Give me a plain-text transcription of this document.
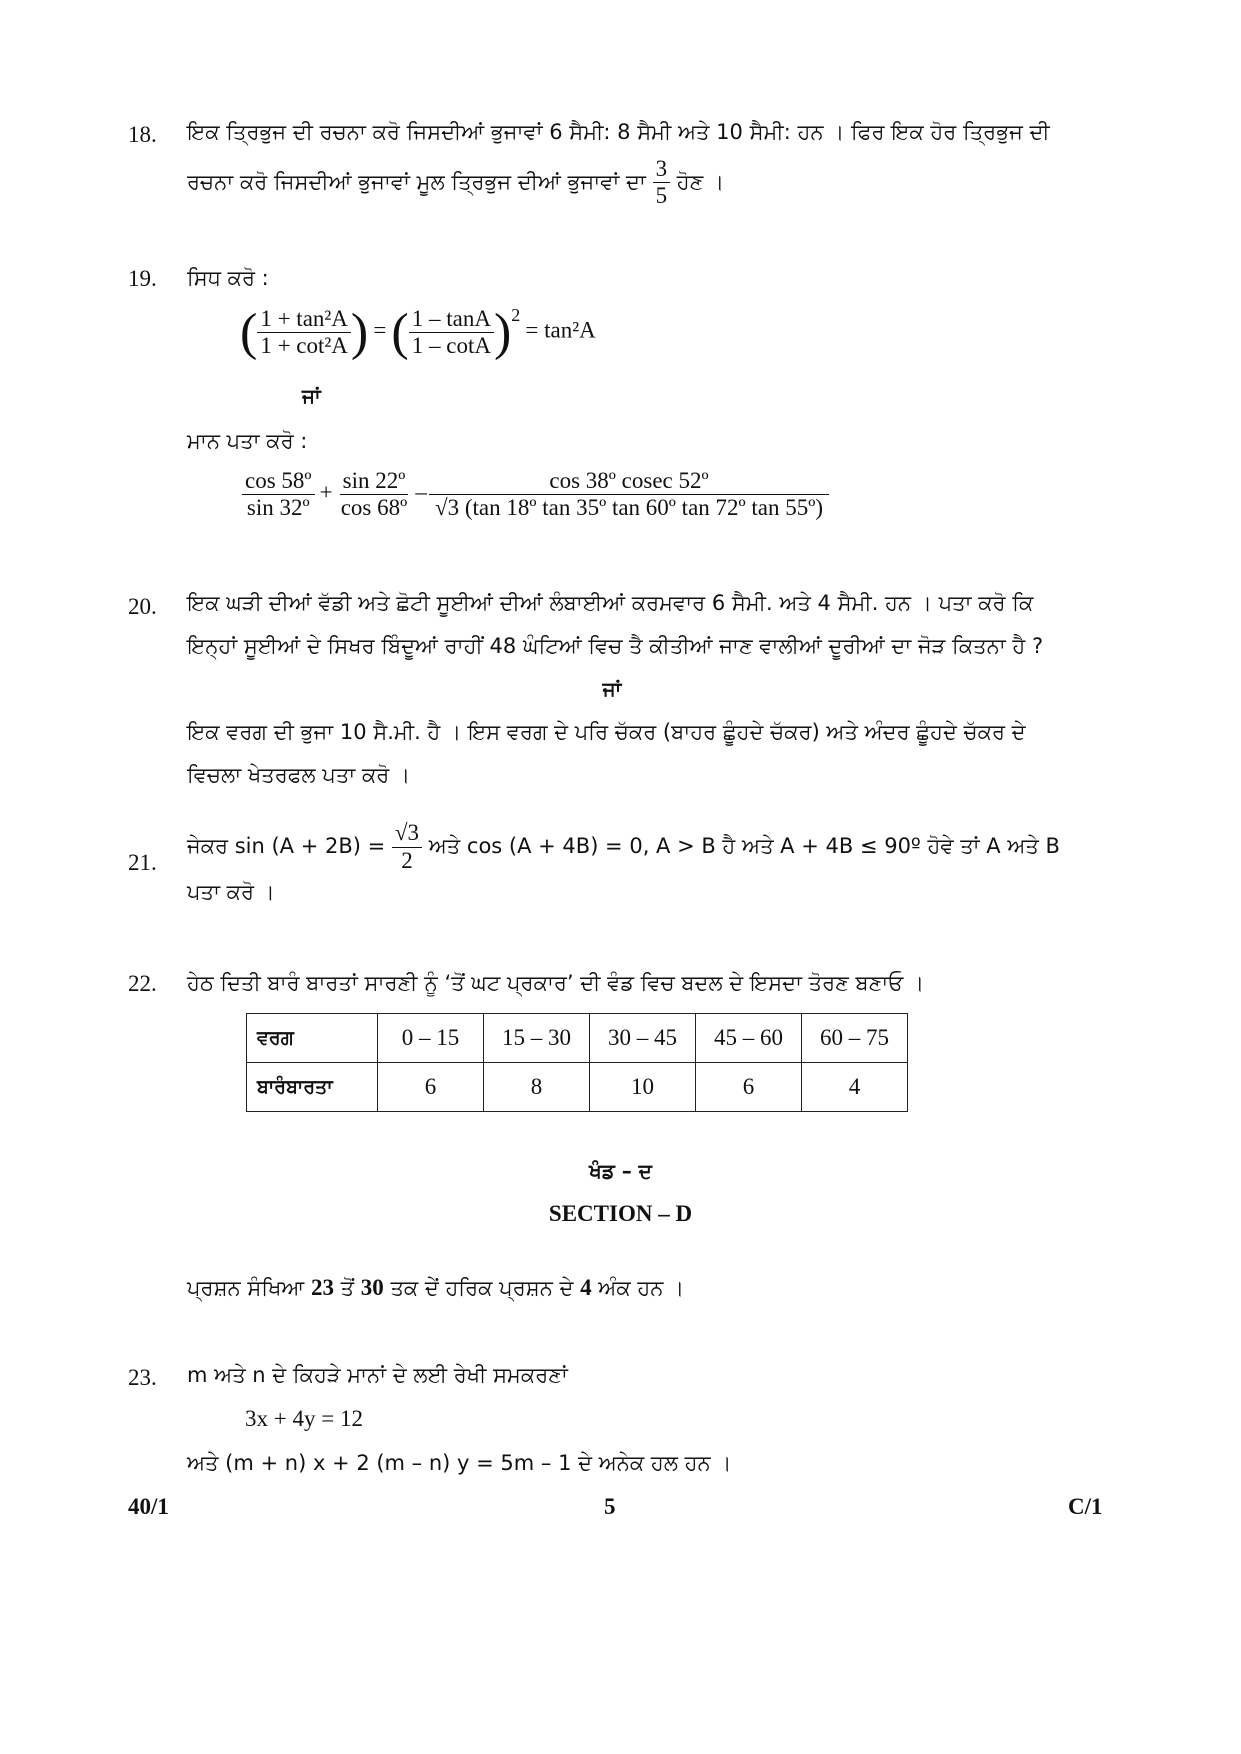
18. ਇਕ ਤ੍ਰਿਭੁਜ ਦੀ ਰਚਨਾ ਕਰੋ ਜਿਸਦੀਆਂ ਭੁਜਾਵਾਂ 6 ਸੈਮੀ: 8 ਸੈਮੀ ਅਤੇ 10 ਸੈਮੀ: ਹਨ । ਫਿਰ ਇਕ ਹੋਰ ਤ੍ਰਿਭੁਜ ਦੀ
ਰਚਨਾ ਕਰੋ ਜਿਸਦੀਆਂ ਭੁਜਾਵਾਂ ਮੂਲ ਤ੍ਰਿਭੁਜ ਦੀਆਂ ਭੁਜਾਵਾਂ ਦਾ $\frac{3}{5}$ ਹੋਣ ।
19. ਸਿਧ ਕਰੋ :
( $\frac{\text{1 + tan²A}}{\text{1 + cot²A}}$ ) = ( $\frac{1 - \tan A}{1 - \cot A} )^2 = \tan^2A$
ਜਾਂ
ਮਾਨ ਪਤਾ ਕਰੋ :
$\frac{\text{cos 58º}}{\text{sin 32º}} + \frac{\text{sin 22º}}{\text{cos 68º}} - \frac{\text{cos 38º cosec 52º}}{\text{√3 (tan 18º tan 35º tan 60º tan 72º tan 55º)}}$
20. ਇਕ ਘੜੀ ਦੀਆਂ ਵੱਡੀ ਅਤੇ ਛੋਟੀ ਸੂਈਆਂ ਦੀਆਂ ਲੰਬਾਈਆਂ ਕਰਮਵਾਰ 6 ਸੈਮੀ. ਅਤੇ 4 ਸੈਮੀ. ਹਨ । ਪਤਾ ਕਰੋ ਕਿ
ਇਨ੍ਹਾਂ ਸੂਈਆਂ ਦੇ ਸਿਖਰ ਬਿੰਦੂਆਂ ਰਾਹੀਂ 48 ਘੰਟਿਆਂ ਵਿਚ ਤੈ ਕੀਤੀਆਂ ਜਾਣ ਵਾਲੀਆਂ ਦੂਰੀਆਂ ਦਾ ਜੋੜ ਕਿਤਨਾ ਹੈ ?
ਜਾਂ
ਇਕ ਵਰਗ ਦੀ ਭੁਜਾ 10 ਸੈ.ਮੀ. ਹੈ । ਇਸ ਵਰਗ ਦੇ ਪਰਿ ਚੱਕਰ (ਬਾਹਰ ਛੂੰਹਦੇ ਚੱਕਰ) ਅਤੇ ਅੰਦਰ ਛੂੰਹਦੇ ਚੱਕਰ ਦੇ
ਵਿਚਲਾ ਖੇਤਰਫਲ ਪਤਾ ਕਰੋ ।
21.
ਜੇਕਰ $\sin (A + 2B) = \frac{√3}{2}$ ਅਤੇ cos (A + 4B) = 0, A > B ਹੈ ਅਤੇ A + 4B ≤ 90º ਹੋਵੇ ਤਾਂ A ਅਤੇ B
ਪਤਾ ਕਰੋ ।
22. ਹੇਠ ਦਿਤੀ ਬਾਰੰ ਬਾਰਤਾਂ ਸਾਰਣੀ ਨੂੰ ‘ਤੋਂ ਘਟ ਪ੍ਰਕਾਰ’ ਦੀ ਵੰਡ ਵਿਚ ਬਦਲ ਦੇ ਇਸਦਾ ਤੋਰਣ ਬਣਾਓ ।
ਵਰਗ	0 – 15	15 – 30	30 – 45	45 – 60	60 – 75
ਬਾਰੰਬਾਰਤਾ	6	8	10	6	4
ਖੰਡ – ਦ
SECTION – D
ਪ੍ਰਸ਼ਨ ਸੰਖਿਆ 23 ਤੋਂ 30 ਤਕ ਦੇਂ ਹਰਿਕ ਪ੍ਰਸ਼ਨ ਦੇ 4 ਅੰਕ ਹਨ ।
23. m ਅਤੇ n ਦੇ ਕਿਹੜੇ ਮਾਨਾਂ ਦੇ ਲਈ ਰੇਖੀ ਸਮਕਰਣਾਂ
3x + 4y = 12
ਅਤੇ (m + n) x + 2 (m – n) y = 5m – 1 ਦੇ ਅਨੇਕ ਹਲ ਹਨ ।
40/1	5	C/1
